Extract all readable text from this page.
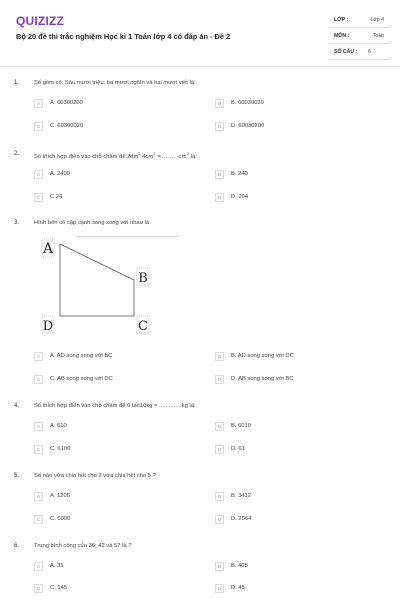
QUIZIZZ
Bộ 20 đề thi trắc nghiệm Học kì 1 Toán lớp 4 có đáp án - Đề 2
LỚP :	Lớp 4
MÔN :	Toán
SỐ CÂU : 6
1.	Số gồm có: Sáu mươi triệu, ba mươi nghìn và hai mươi viết là:
A	A. 60300200	B	B. 60030020
C	C. 60300020	D	D. 60030200
2.	Số thích hợp điền vào chỗ chấm để $2dm^2$ $4cm^2$ =....... $cm^2$ là:
A	A. 2400	B	B. 240
C	C.24	D	D. 204
3.	Hình bên có cặp cạnh song song với nhau là:
A
B
C
D
A	A. AD song song với BC	B	B. AD song song với DC
C	C. AB song song với DC	D	D. AB song song với BC
4.	Số thích hợp điền vào chỗ chấm để 6 tấn10kg = ..............kg là:
A	A. 610	B	B. 6010
C	C. 6100	D	D. 61
5.	Số nào vừa chia hết cho 2 vừa chia hết cho 5 ?
A	A. 1205	B	B. 3412
C	C. 5000	D	D. 2864
6.	Trung bình cộng của 36; 42 và 57 là ?
A	A. 35	B	B. 405
C	C. 145	D	D. 45
